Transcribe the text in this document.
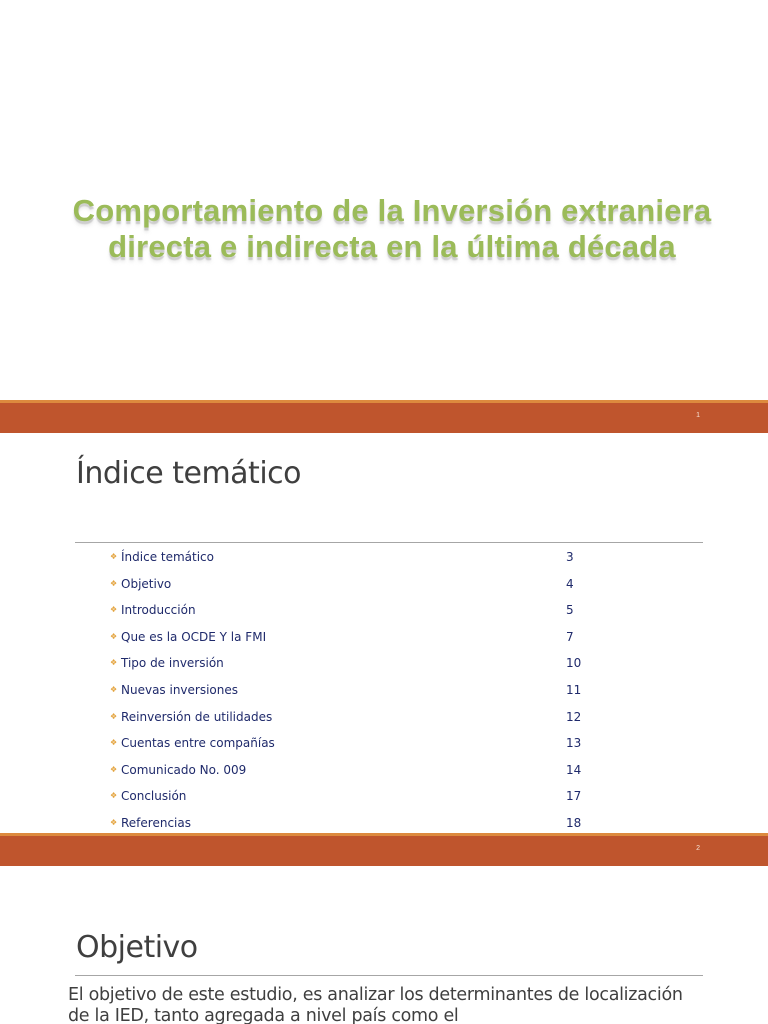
Comportamiento de la Inversión extraniera
directa e indirecta en la última década
1
Índice temático
❖ Índice temático	3
❖ Objetivo	4
❖ Introducción	5
❖ Que es la OCDE Y la FMI	7
❖ Tipo de inversión	10
❖ Nuevas inversiones	11
❖ Reinversión de utilidades	12
❖ Cuentas entre compañías	13
❖ Comunicado No. 009	14
❖ Conclusión	17
❖ Referencias	18
2
Objetivo

El objetivo de este estudio, es analizar los determinantes de localización de la IED, tanto agregada a nivel país como el
